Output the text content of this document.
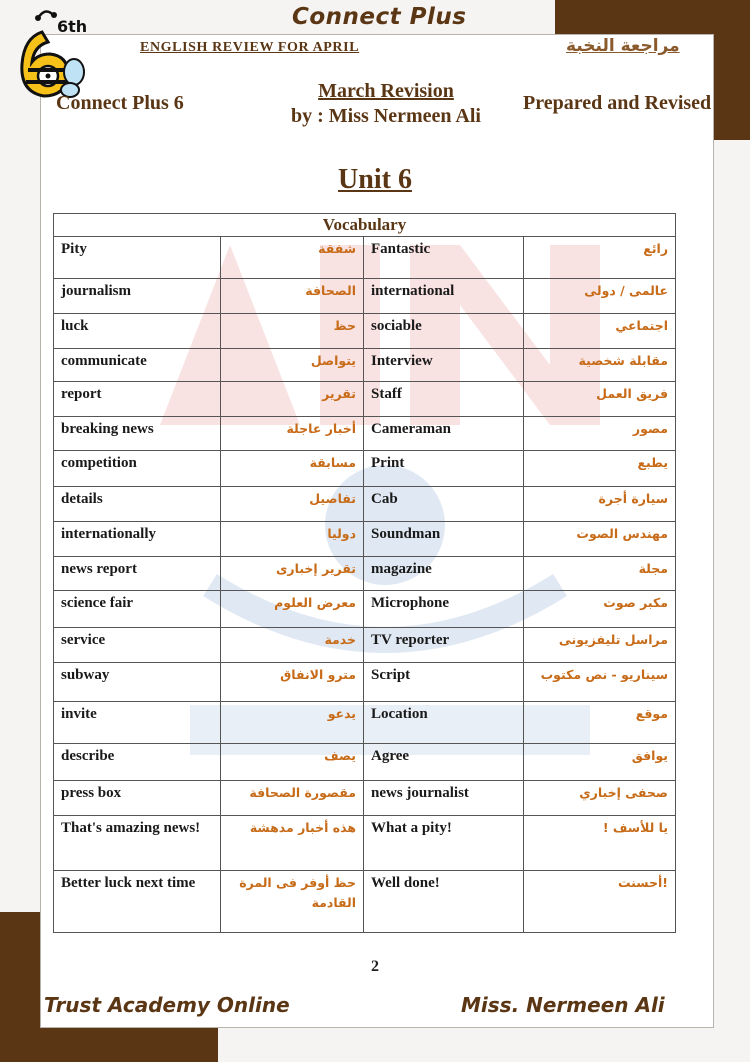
6th	Connect Plus
ENGLISH REVIEW FOR APRIL	مراجعة النخبة
Connect Plus 6
March Revision
by : Miss Nermeen Ali
Prepared and Revised
Unit 6
Vocabulary			
Pity	شفقة	Fantastic	رائع
journalism	الصحافة	international	عالمى / دولى
luck	حظ	sociable	اجتماعي
communicate	يتواصل	Interview	مقابلة شخصية
report	تقرير	Staff	فريق العمل
breaking news	أخبار عاجلة	Cameraman	مصور
competition	مسابقة	Print	يطبع
details	تفاصيل	Cab	سيارة أجرة
internationally	دوليا	Soundman	مهندس الصوت
news report	تقرير إخبارى	magazine	مجلة
science fair	معرض العلوم	Microphone	مكبر صوت
service	خدمة	TV reporter	مراسل تليفزيونى
subway	مترو الانفاق	Script	سيناريو - نص مكتوب
invite	يدعو	Location	موقع
describe	يصف	Agree	يوافق
press box	مقصورة الصحافة	news journalist	صحفى إخباري
That's amazing news!	هذه أخبار مدهشة	What a pity!	يا للأسف !
Better luck next time	حظ أوفر فى المرة القادمة	Well done!	!أحسنت
2
Trust Academy Online	Miss. Nermeen Ali
